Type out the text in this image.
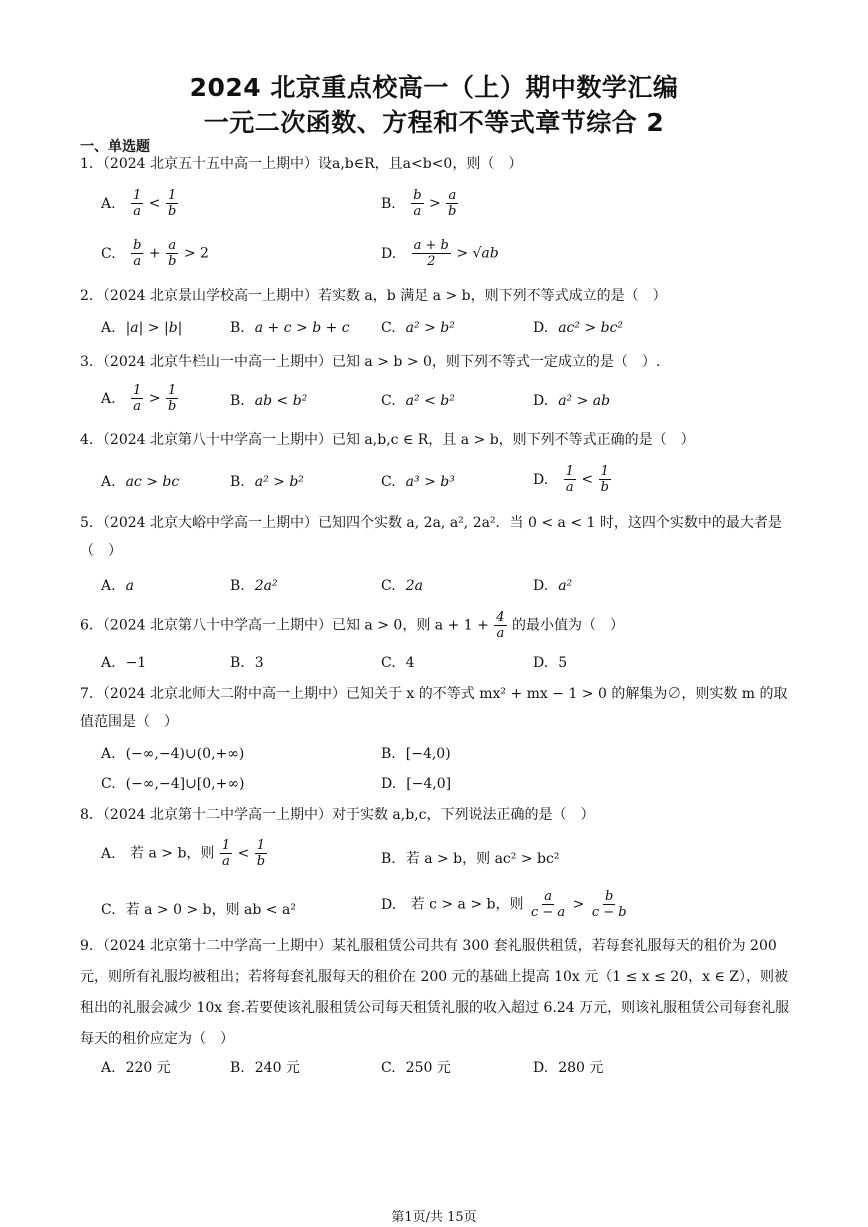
2024 北京重点校高一（上）期中数学汇编
一元二次函数、方程和不等式章节综合 2
一、单选题
1．（2024 北京五十五中高一上期中）设a,b∈R，且a<b<0，则（　）
A. $\frac{1}{a} < \frac{1}{b}$	B. $\frac{b}{a} > \frac{a}{b}$
C. $\frac{b}{a} + \frac{a}{b} > 2$	D. $\frac{a + b}{2} > √ab$
2．（2024 北京景山学校高一上期中）若实数 a，b 满足 a > b，则下列不等式成立的是（　）
A. |a| > |b|	B. a + c > b + c C. a² > b²	D. ac² > bc²
3．（2024 北京牛栏山一中高一上期中）已知 a > b > 0，则下列不等式一定成立的是（　）.
A. $\frac{1}{a} > \frac{1}{b}$	B. ab < b²	C. a² < b²	D. a² > ab
4．（2024 北京第八十中学高一上期中）已知 a,b,c ∈ R，且 a > b，则下列不等式正确的是（　）
A. ac > bc	B. a² > b²	C. a³ > b³	D. $\frac{1}{a} < \frac{1}{b}$
5．（2024 北京大峪中学高一上期中）已知四个实数 a, 2a, a², 2a²．当 0 < a < 1 时，这四个实数中的最大者是（　）
A. a	B. 2a²	C. 2a	D. a²
6．（2024 北京第八十中学高一上期中）已知 a > 0，则 $a + 1 + \frac{4}{a}$ 的最小值为（　）
A. −1	B. 3	C. 4	D. 5
7．（2024 北京北师大二附中高一上期中）已知关于 x 的不等式 mx² + mx − 1 > 0 的解集为∅，则实数 m 的取值范围是（　）
A. (−∞,−4)∪(0,+∞)	B. [−4,0)
C. (−∞,−4]∪[0,+∞)	D. [−4,0]
8．（2024 北京第十二中学高一上期中）对于实数 a,b,c，下列说法正确的是（　）
A. 若 a > b，则 $\frac{1}{a} < \frac{1}{b}$	B. 若 a > b，则 ac² > bc²
C. 若 a > 0 > b，则 ab < a²	D. 若 c > a > b，则 $\frac{a}{c - a} > \frac{b}{c - b}$
9．（2024 北京第十二中学高一上期中）某礼服租赁公司共有 300 套礼服供租赁，若每套礼服每天的租价为 200 元，则所有礼服均被租出；若将每套礼服每天的租价在 200 元的基础上提高 10x 元（1 ≤ x ≤ 20，x ∈ Z），则被租出的礼服会减少 10x 套.若要使该礼服租赁公司每天租赁礼服的收入超过 6.24 万元，则该礼服租赁公司每套礼服每天的租价应定为（　）
A. 220 元	B. 240 元	C. 250 元	D. 280 元
第1页/共 15页
